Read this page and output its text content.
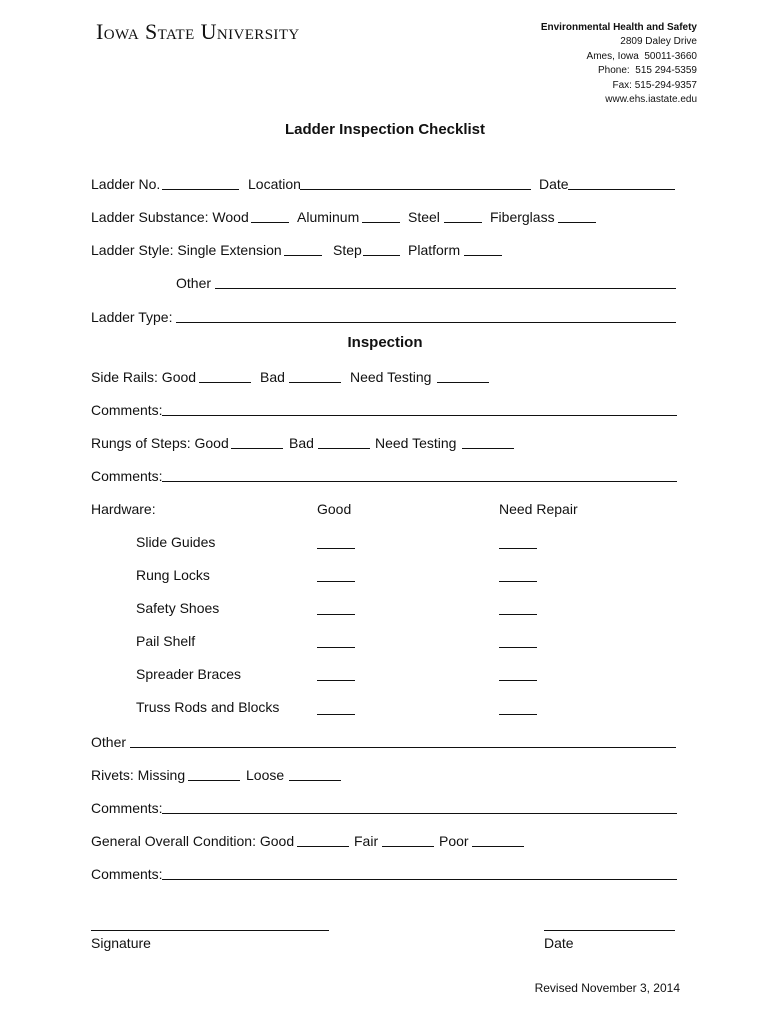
Iowa State University	Environmental Health and Safety
2809 Daley Drive
Ames, Iowa  50011-3660
Phone:  515 294-5359
Fax: 515-294-9357
www.ehs.iastate.edu
Ladder Inspection Checklist
Ladder No.	Location	Date
Ladder Substance: Wood	Aluminum	Steel	Fiberglass
Ladder Style: Single Extension	Step	Platform
Other
Ladder Type:
Inspection
Side Rails: Good	Bad	Need Testing
Comments:
Rungs of Steps: Good	Bad	Need Testing
Comments:
Hardware:	Good	Need Repair
Slide Guides
Rung Locks
Safety Shoes
Pail Shelf
Spreader Braces
Truss Rods and Blocks
Other
Rivets: Missing	Loose
Comments:
General Overall Condition: Good	Fair	Poor
Comments:
Signature	Date
Revised November 3, 2014
